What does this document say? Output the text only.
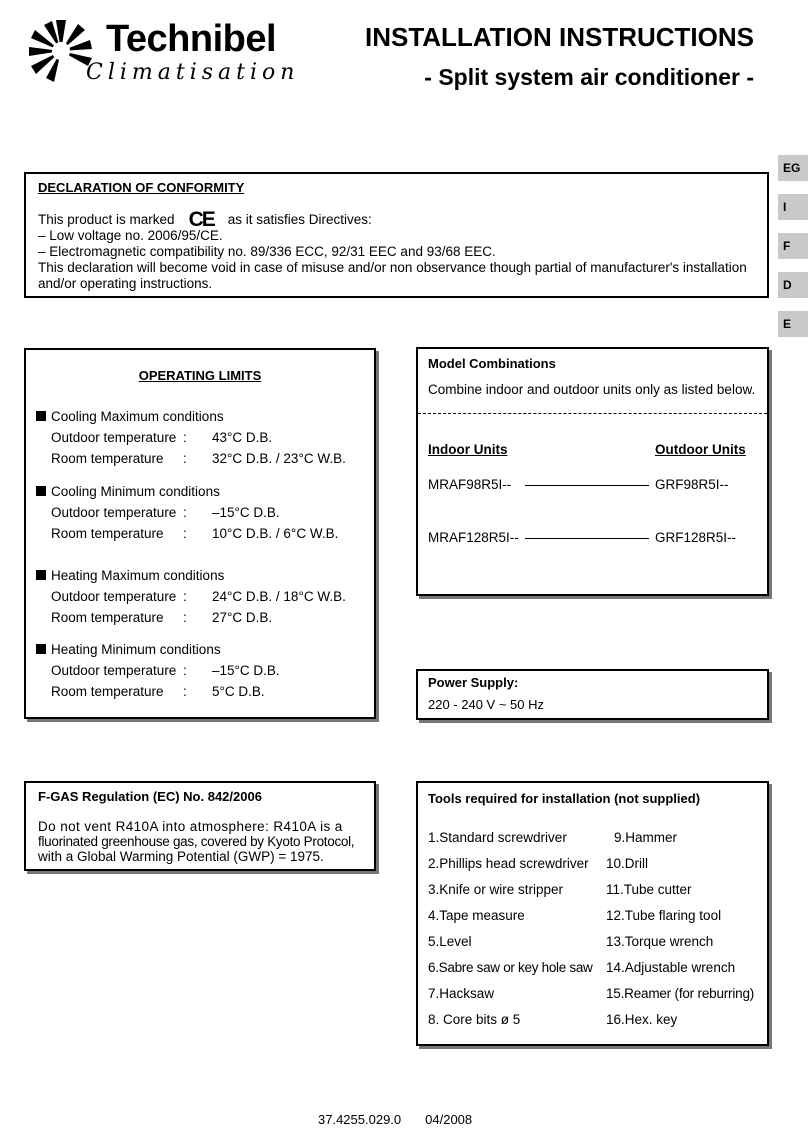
Technibel
Climatisation
INSTALLATION INSTRUCTIONS
- Split system air conditioner -
EG
I
F
D
E
DECLARATION OF CONFORMITY
This product is marked CE as it satisfies Directives:
– Low voltage no. 2006/95/CE.
– Electromagnetic compatibility no. 89/336 ECC, 92/31 EEC and 93/68 EEC.
This declaration will become void in case of misuse and/or non observance though partial of manufacturer's installation and/or operating instructions.
OPERATING LIMITS
Cooling Maximum conditions
Outdoor temperature : 43°C D.B.
Room temperature : 32°C D.B. / 23°C W.B.
Cooling Minimum conditions
Outdoor temperature : –15°C D.B.
Room temperature : 10°C D.B. / 6°C W.B.
Heating Maximum conditions
Outdoor temperature : 24°C D.B. / 18°C W.B.
Room temperature : 27°C D.B.
Heating Minimum conditions
Outdoor temperature : –15°C D.B.
Room temperature : 5°C D.B.
Model Combinations
Combine indoor and outdoor units only as listed below.
Indoor Units	Outdoor Units
MRAF98R5I--	GRF98R5I--
MRAF128R5I--	GRF128R5I--
Power Supply:
220 - 240 V ~ 50 Hz
F-GAS Regulation (EC) No. 842/2006
Do not vent R410A into atmosphere: R410A is a
fluorinated greenhouse gas, covered by Kyoto Protocol,
with a Global Warming Potential (GWP) = 1975.
Tools required for installation (not supplied)
1.Standard screwdriver
2.Phillips head screwdriver
3.Knife or wire stripper
4.Tape measure
5.Level
6.Sabre saw or key hole saw
7.Hacksaw
8. Core bits ø 5
9.Hammer
10.Drill
11.Tube cutter
12.Tube flaring tool
13.Torque wrench
14.Adjustable wrench
15.Reamer (for reburring)
16.Hex. key
37.4255.029.0 04/2008
